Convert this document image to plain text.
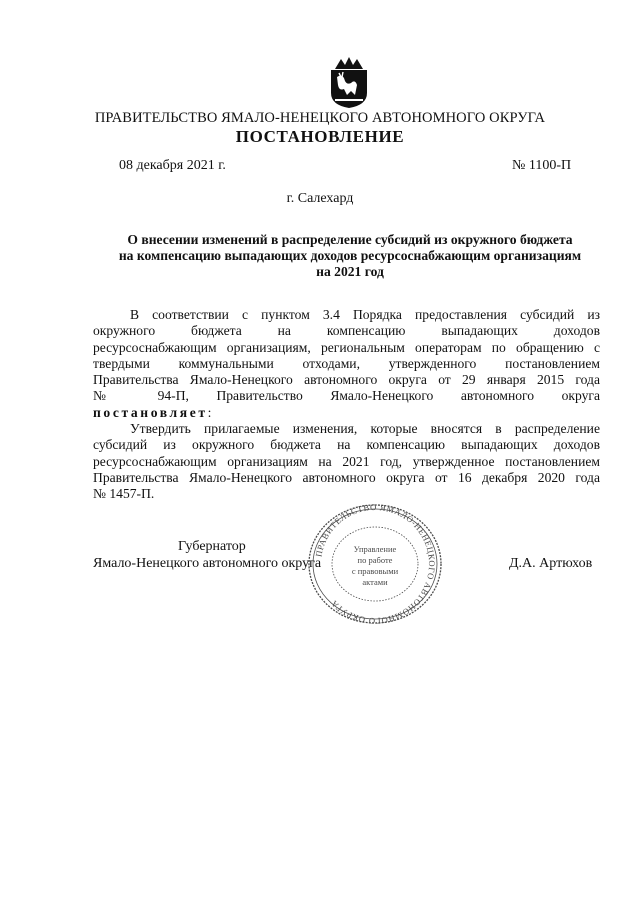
ПРАВИТЕЛЬСТВО ЯМАЛО-НЕНЕЦКОГО АВТОНОМНОГО ОКРУГА
ПОСТАНОВЛЕНИЕ
08 декабря 2021 г.	№ 1100-П
г. Салехард
О внесении изменений в распределение субсидий из окружного бюджета
на компенсацию выпадающих доходов ресурсоснабжающим организациям
на 2021 год
В соответствии с пунктом 3.4 Порядка предоставления субсидий из
окружного бюджета на компенсацию выпадающих доходов
ресурсоснабжающим организациям, региональным операторам по обращению с
твердыми коммунальными отходами, утвержденного постановлением
Правительства Ямало-Ненецкого автономного округа от 29 января 2015 года
№ 94-П, Правительство Ямало-Ненецкого автономного округа
постановляет:
Утвердить прилагаемые изменения, которые вносятся в распределение
субсидий из окружного бюджета на компенсацию выпадающих доходов
ресурсоснабжающим организациям на 2021 год, утвержденное постановлением
Правительства Ямало-Ненецкого автономного округа от 16 декабря 2020 года
№ 1457-П.
Губернатор
Ямало-Ненецкого автономного округа	Д.А. Артюхов
ПРАВИТЕЛЬСТВО ЯМАЛО-НЕНЕЦКОГО АВТОНОМНОГО ОКРУГА
Управление
по работе
с правовыми
актами
